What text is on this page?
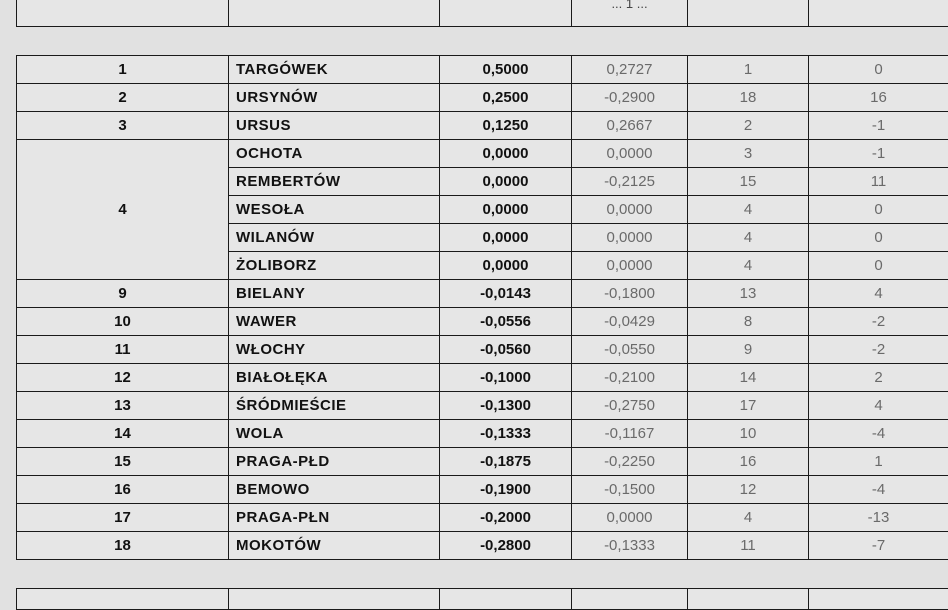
			... 1 ...		
1	TARGÓWEK	0,5000	0,2727	1	0
2	URSYNÓW	0,2500	-0,2900	18	16
3	URSUS	0,1250	0,2667	2	-1
4	OCHOTA	0,0000	0,0000	3	-1
	REMBERTÓW	0,0000	-0,2125	15	11
	WESOŁA	0,0000	0,0000	4	0
	WILANÓW	0,0000	0,0000	4	0
	ŻOLIBORZ	0,0000	0,0000	4	0
9	BIELANY	-0,0143	-0,1800	13	4
10	WAWER	-0,0556	-0,0429	8	-2
11	WŁOCHY	-0,0560	-0,0550	9	-2
12	BIAŁOŁĘKA	-0,1000	-0,2100	14	2
13	ŚRÓDMIEŚCIE	-0,1300	-0,2750	17	4
14	WOLA	-0,1333	-0,1167	10	-4
15	PRAGA-PŁD	-0,1875	-0,2250	16	1
16	BEMOWO	-0,1900	-0,1500	12	-4
17	PRAGA-PŁN	-0,2000	0,0000	4	-13
18	MOKOTÓW	-0,2800	-0,1333	11	-7
